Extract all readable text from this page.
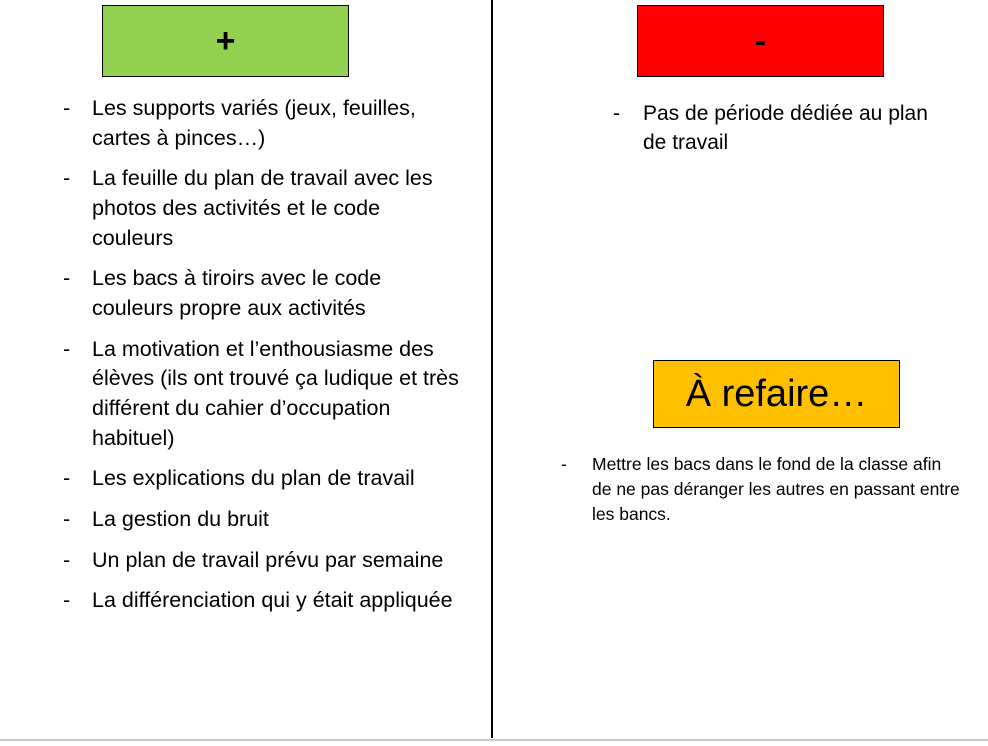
+
-	Les supports variés (jeux, feuilles, cartes à pinces…)
-	La feuille du plan de travail avec les photos des activités et le code couleurs
-	Les bacs à tiroirs avec le code couleurs propre aux activités
-	La motivation et l’enthousiasme des élèves (ils ont trouvé ça ludique et très différent du cahier d’occupation habituel)
-	Les explications du plan de travail
-	La gestion du bruit
-	Un plan de travail prévu par semaine
-	La différenciation qui y était appliquée
-
-	Pas de période dédiée au plan de travail
À refaire…
-	Mettre les bacs dans le fond de la classe afin de ne pas déranger les autres en passant entre les bancs.
